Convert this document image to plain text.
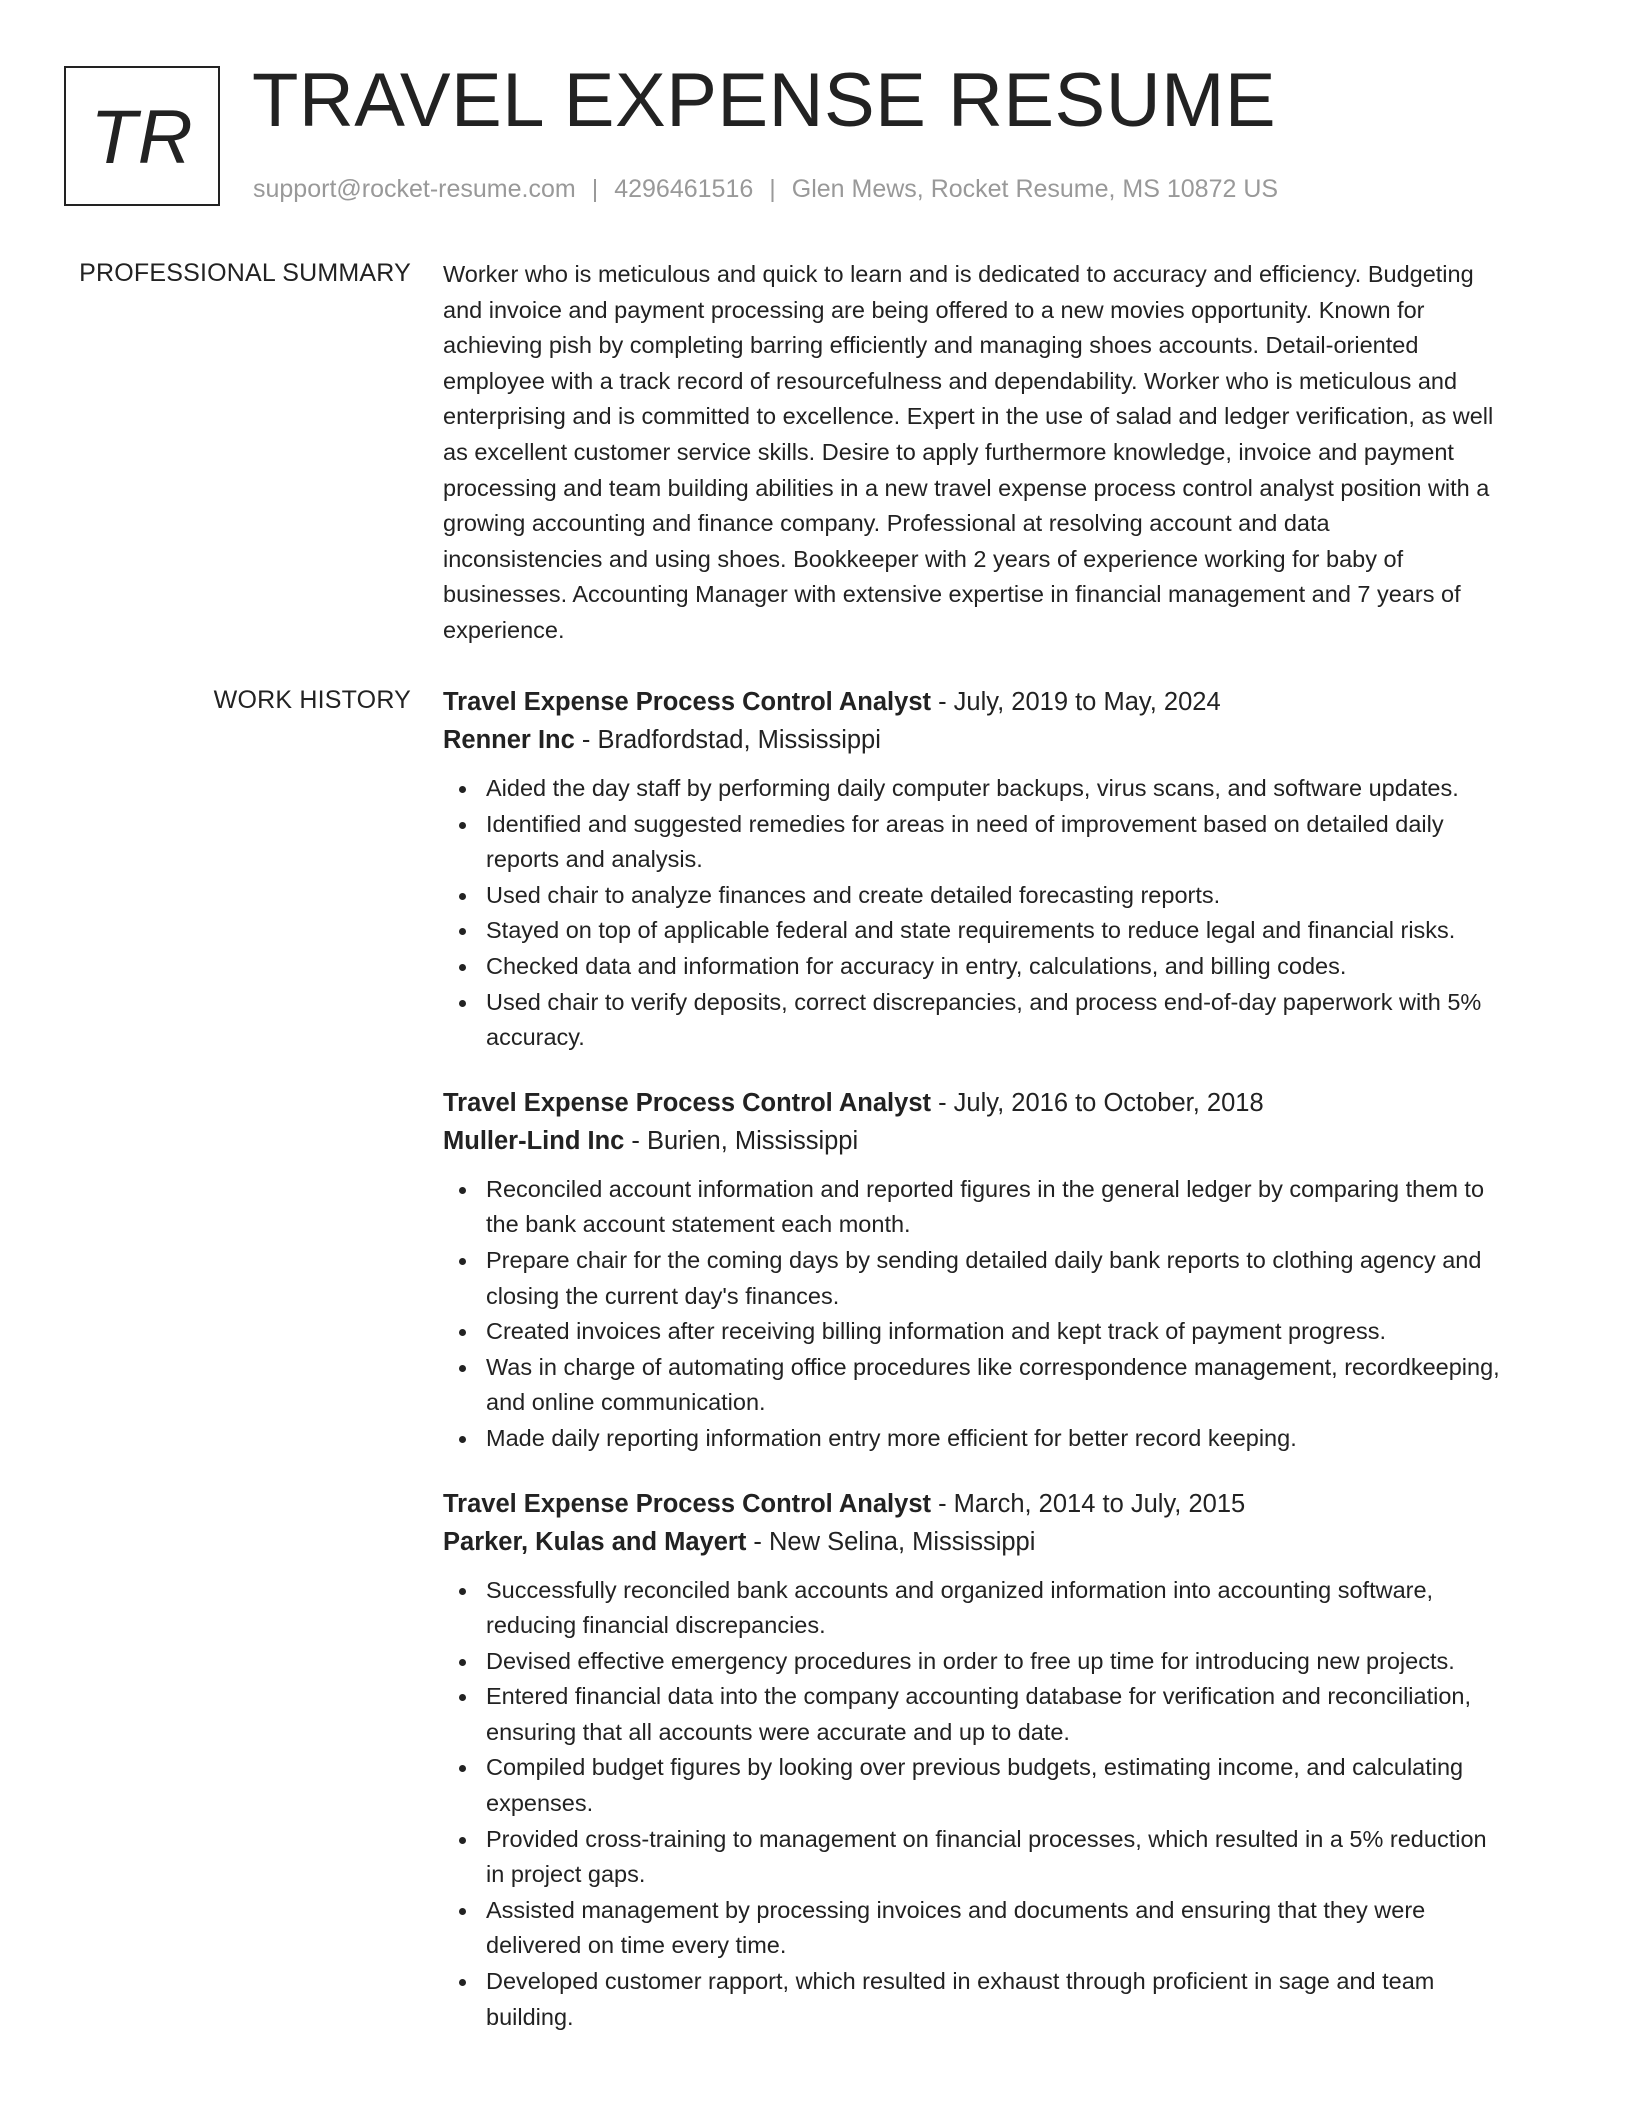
TR TRAVEL EXPENSE RESUME
support@rocket-resume.com | 4296461516 | Glen Mews, Rocket Resume, MS 10872 US
PROFESSIONAL SUMMARY Worker who is meticulous and quick to learn and is dedicated to accuracy and efficiency. Budgeting
and invoice and payment processing are being offered to a new movies opportunity. Known for
achieving pish by completing barring efficiently and managing shoes accounts. Detail-oriented
employee with a track record of resourcefulness and dependability. Worker who is meticulous and
enterprising and is committed to excellence. Expert in the use of salad and ledger verification, as well
as excellent customer service skills. Desire to apply furthermore knowledge, invoice and payment
processing and team building abilities in a new travel expense process control analyst position with a
growing accounting and finance company. Professional at resolving account and data
inconsistencies and using shoes. Bookkeeper with 2 years of experience working for baby of
businesses. Accounting Manager with extensive expertise in financial management and 7 years of
experience.
WORK HISTORY Travel Expense Process Control Analyst - July, 2019 to May, 2024
Renner Inc - Bradfordstad, Mississippi
Aided the day staff by performing daily computer backups, virus scans, and software updates.
Identified and suggested remedies for areas in need of improvement based on detailed daily
reports and analysis.
Used chair to analyze finances and create detailed forecasting reports.
Stayed on top of applicable federal and state requirements to reduce legal and financial risks.
Checked data and information for accuracy in entry, calculations, and billing codes.
Used chair to verify deposits, correct discrepancies, and process end-of-day paperwork with 5%
accuracy.
Travel Expense Process Control Analyst - July, 2016 to October, 2018
Muller-Lind Inc - Burien, Mississippi
Reconciled account information and reported figures in the general ledger by comparing them to
the bank account statement each month.
Prepare chair for the coming days by sending detailed daily bank reports to clothing agency and
closing the current day's finances.
Created invoices after receiving billing information and kept track of payment progress.
Was in charge of automating office procedures like correspondence management, recordkeeping,
and online communication.
Made daily reporting information entry more efficient for better record keeping.
Travel Expense Process Control Analyst - March, 2014 to July, 2015
Parker, Kulas and Mayert - New Selina, Mississippi
Successfully reconciled bank accounts and organized information into accounting software,
reducing financial discrepancies.
Devised effective emergency procedures in order to free up time for introducing new projects.
Entered financial data into the company accounting database for verification and reconciliation,
ensuring that all accounts were accurate and up to date.
Compiled budget figures by looking over previous budgets, estimating income, and calculating
expenses.
Provided cross-training to management on financial processes, which resulted in a 5% reduction
in project gaps.
Assisted management by processing invoices and documents and ensuring that they were
delivered on time every time.
Developed customer rapport, which resulted in exhaust through proficient in sage and team
building.
